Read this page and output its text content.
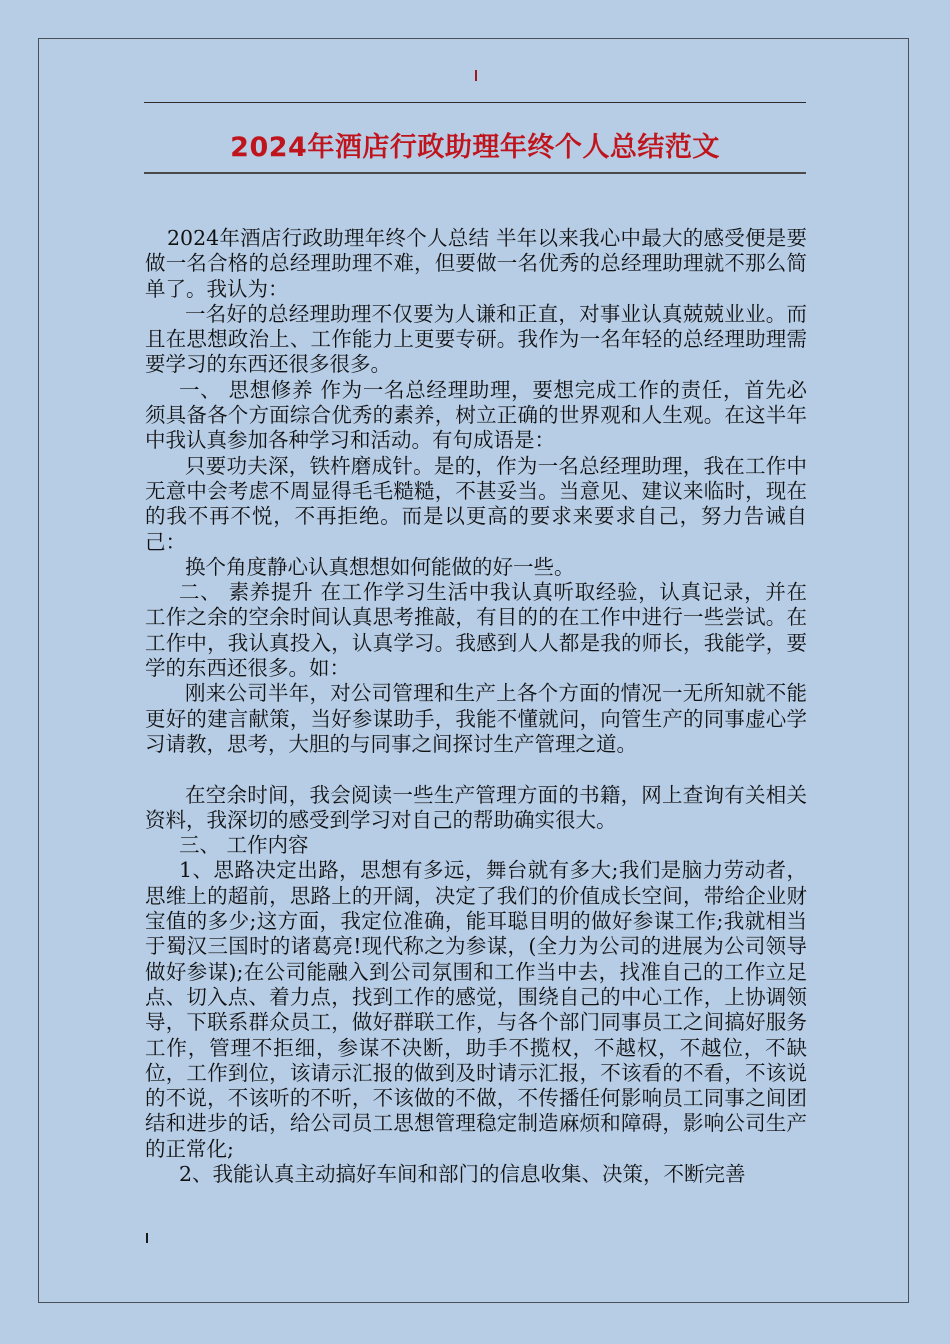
2024年酒店行政助理年终个人总结范文

2024年酒店行政助理年终个人总结 半年以来我心中最大的感受便是要做一名合格的总经理助理不难，但要做一名优秀的总经理助理就不那么简单了。我认为：

一名好的总经理助理不仅要为人谦和正直，对事业认真兢兢业业。而且在思想政治上、工作能力上更要专研。我作为一名年轻的总经理助理需要学习的东西还很多很多。

一、 思想修养 作为一名总经理助理，要想完成工作的责任，首先必须具备各个方面综合优秀的素养，树立正确的世界观和人生观。在这半年中我认真参加各种学习和活动。有句成语是：

只要功夫深，铁杵磨成针。是的，作为一名总经理助理，我在工作中无意中会考虑不周显得毛毛糙糙，不甚妥当。当意见、建议来临时，现在的我不再不悦，不再拒绝。而是以更高的要求来要求自己，努力告诫自己：

换个角度静心认真想想如何能做的好一些。

二、 素养提升 在工作学习生活中我认真听取经验，认真记录，并在工作之余的空余时间认真思考推敲，有目的的在工作中进行一些尝试。在工作中，我认真投入，认真学习。我感到人人都是我的师长，我能学，要学的东西还很多。如：

刚来公司半年，对公司管理和生产上各个方面的情况一无所知就不能更好的建言献策，当好参谋助手，我能不懂就问，向管生产的同事虚心学习请教，思考，大胆的与同事之间探讨生产管理之道。

在空余时间，我会阅读一些生产管理方面的书籍，网上查询有关相关资料，我深切的感受到学习对自己的帮助确实很大。

三、 工作内容

1、思路决定出路，思想有多远，舞台就有多大;我们是脑力劳动者，思维上的超前，思路上的开阔，决定了我们的价值成长空间，带给企业财宝值的多少;这方面，我定位准确，能耳聪目明的做好参谋工作;我就相当于蜀汉三国时的诸葛亮!现代称之为参谋，(全力为公司的进展为公司领导做好参谋);在公司能融入到公司氛围和工作当中去，找准自己的工作立足点、切入点、着力点，找到工作的感觉，围绕自己的中心工作，上协调领导，下联系群众员工，做好群联工作，与各个部门同事员工之间搞好服务工作，管理不拒细，参谋不决断，助手不揽权，不越权，不越位，不缺位，工作到位，该请示汇报的做到及时请示汇报，不该看的不看，不该说的不说，不该听的不听，不该做的不做，不传播任何影响员工同事之间团结和进步的话，给公司员工思想管理稳定制造麻烦和障碍，影响公司生产的正常化;

2、我能认真主动搞好车间和部门的信息收集、决策，不断完善
